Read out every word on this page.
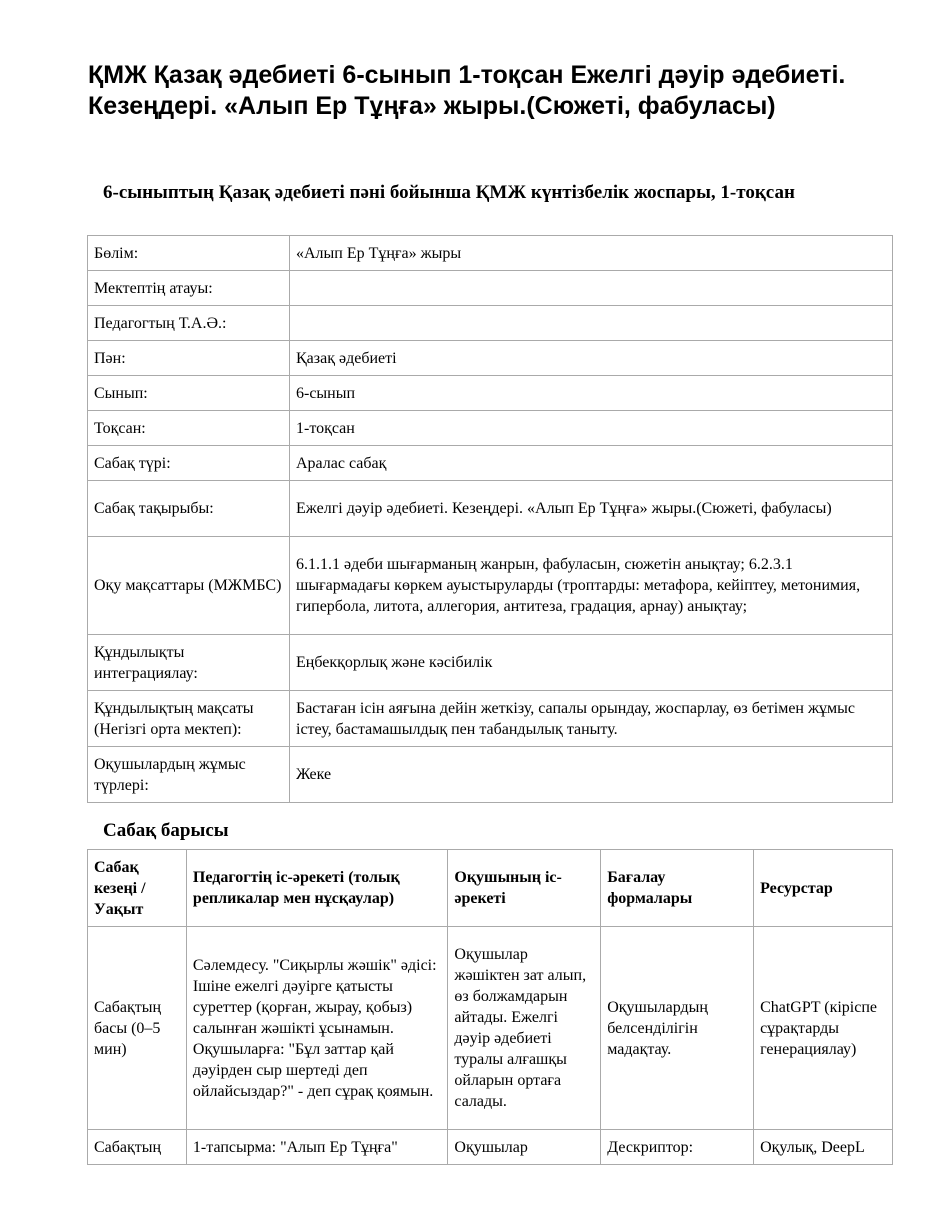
ҚМЖ Қазақ әдебиеті 6-сынып 1-тоқсан Ежелгі дәуір әдебиеті. Кезеңдері. «Алып Ер Тұңға» жыры.(Сюжеті, фабуласы)
6-сыныптың Қазақ әдебиеті пәні бойынша ҚМЖ күнтізбелік жоспары, 1-тоқсан
Бөлім:	«Алып Ер Тұңға» жыры
Мектептің атауы:	
Педагогтың Т.А.Ә.:	
Пән:	Қазақ әдебиеті
Сынып:	6-сынып
Тоқсан:	1-тоқсан
Сабақ түрі:	Аралас сабақ
Сабақ тақырыбы:	Ежелгі дәуір әдебиеті. Кезеңдері. «Алып Ер Тұңға» жыры.(Сюжеті, фабуласы)
Оқу мақсаттары (МЖМБС)	6.1.1.1 әдеби шығарманың жанрын, фабуласын, сюжетін анықтау; 6.2.3.1 шығармадағы көркем ауыстыруларды (троптарды: метафора, кейіптеу, метонимия, гипербола, литота, аллегория, антитеза, градация, арнау) анықтау;
Құндылықты интеграциялау:	Еңбекқорлық және кәсібилік
Құндылықтың мақсаты (Негізгі орта мектеп):	Бастаған ісін аяғына дейін жеткізу, сапалы орындау, жоспарлау, өз бетімен жұмыс істеу, бастамашылдық пен табандылық таныту.
Оқушылардың жұмыс түрлері:	Жеке
Сабақ барысы
Сабақ кезеңі / Уақыт	Педагогтің іс-әрекеті (толық репликалар мен нұсқаулар)	Оқушының іс-әрекеті	Бағалау формалары	Ресурстар
Сабақтың басы (0–5 мин)	Сәлемдесу. "Сиқырлы жәшік" әдісі: Ішіне ежелгі дәуірге қатысты суреттер (қорған, жырау, қобыз) салынған жәшікті ұсынамын. Оқушыларға: "Бұл заттар қай дәуірден сыр шертеді деп ойлайсыздар?" - деп сұрақ қоямын.	Оқушылар жәшіктен зат алып, өз болжамдарын айтады. Ежелгі дәуір әдебиеті туралы алғашқы ойларын ортаға салады.	Оқушылардың белсенділігін мадақтау.	ChatGPT (кіріспе сұрақтарды генерациялау)
Сабақтың	1-тапсырма: "Алып Ер Тұңға"	Оқушылар	Дескриптор:	Оқулық, DeepL
